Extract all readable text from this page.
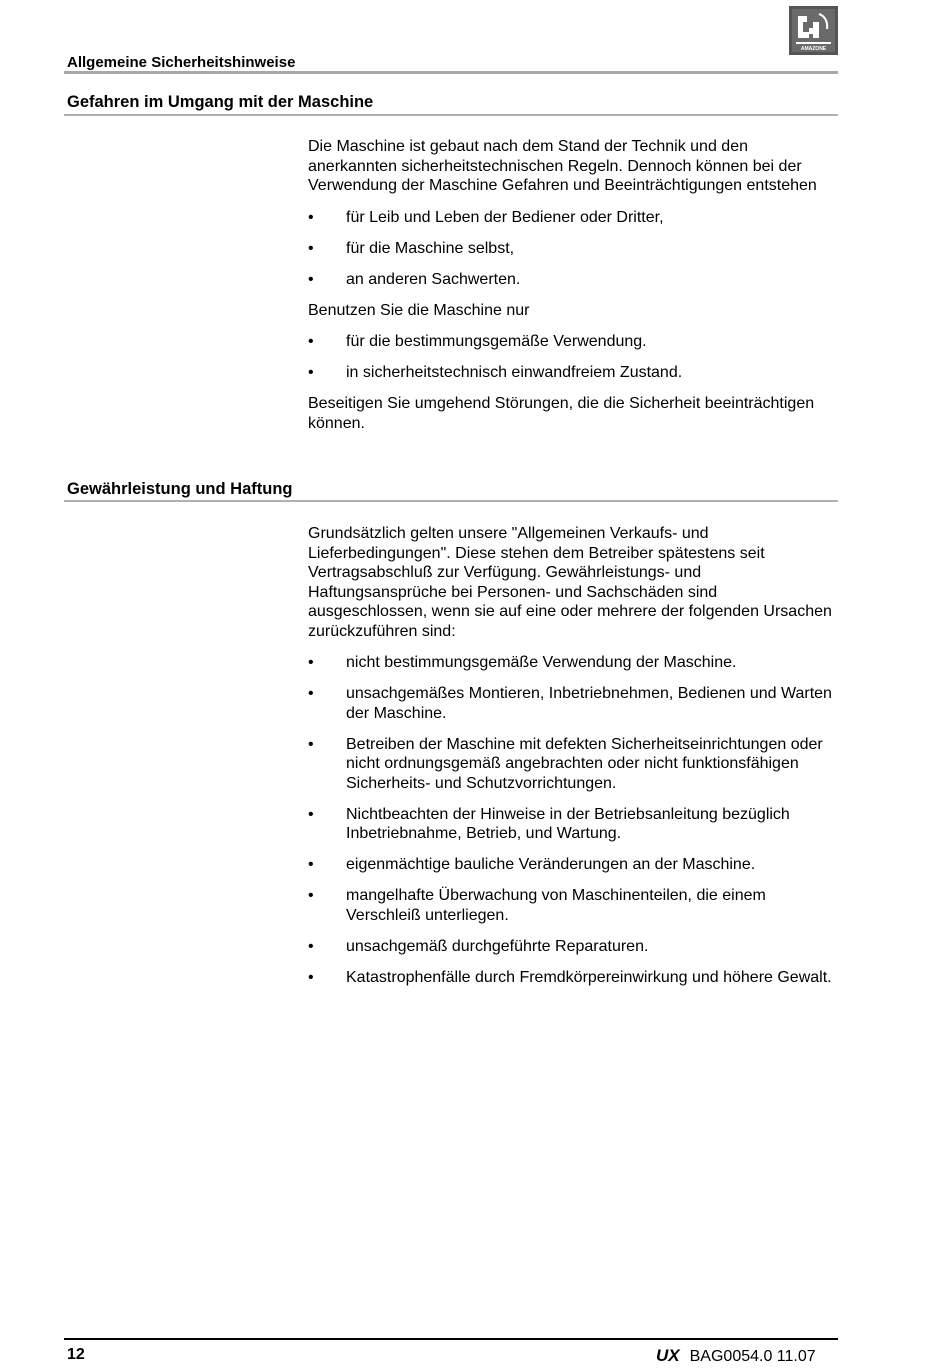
Allgemeine Sicherheitshinweise
AMAZONE
Gefahren im Umgang mit der Maschine

Die Maschine ist gebaut nach dem Stand der Technik und den anerkannten sicherheitstechnischen Regeln. Dennoch können bei der Verwendung der Maschine Gefahren und Beeinträchtigungen entstehen

• für Leib und Leben der Bediener oder Dritter,
• für die Maschine selbst,
• an anderen Sachwerten.

Benutzen Sie die Maschine nur

• für die bestimmungsgemäße Verwendung.
• in sicherheitstechnisch einwandfreiem Zustand.

Beseitigen Sie umgehend Störungen, die die Sicherheit beeinträchtigen können.

Gewährleistung und Haftung

Grundsätzlich gelten unsere "Allgemeinen Verkaufs- und Lieferbedingungen". Diese stehen dem Betreiber spätestens seit Vertragsabschluß zur Verfügung. Gewährleistungs- und Haftungsansprüche bei Personen- und Sachschäden sind ausgeschlossen, wenn sie auf eine oder mehrere der folgenden Ursachen zurückzuführen sind:

• nicht bestimmungsgemäße Verwendung der Maschine.
• unsachgemäßes Montieren, Inbetriebnehmen, Bedienen und Warten der Maschine.
• Betreiben der Maschine mit defekten Sicherheitseinrichtungen oder nicht ordnungsgemäß angebrachten oder nicht funktionsfähigen Sicherheits- und Schutzvorrichtungen.
• Nichtbeachten der Hinweise in der Betriebsanleitung bezüglich Inbetriebnahme, Betrieb, und Wartung.
• eigenmächtige bauliche Veränderungen an der Maschine.
• mangelhafte Überwachung von Maschinenteilen, die einem Verschleiß unterliegen.
• unsachgemäß durchgeführte Reparaturen.
• Katastrophenfälle durch Fremdkörpereinwirkung und höhere Gewalt.
12	UX BAG0054.0 11.07
